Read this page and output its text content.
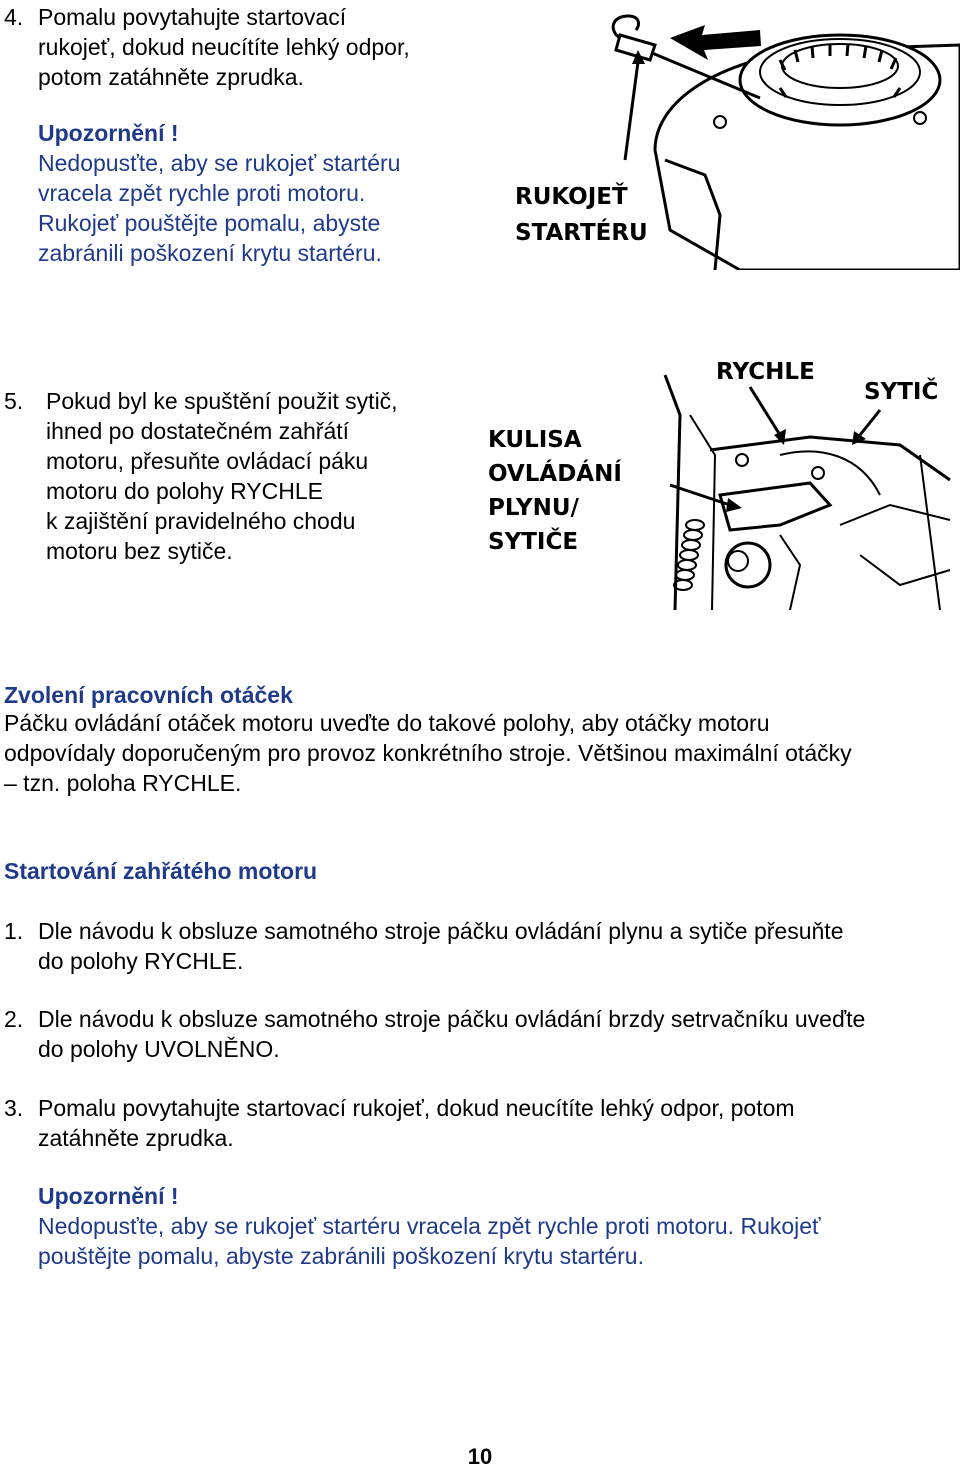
4. Pomalu povytahujte startovací
rukojeť, dokud neucítíte lehký odpor,
potom zatáhněte zprudka.
Upozornění !
Nedopusťte, aby se rukojeť startéru
vracela zpět rychle proti motoru.
Rukojeť pouštějte pomalu, abyste
zabránili poškození krytu startéru.
RUKOJEŤ
STARTÉRU
5. Pokud byl ke spuštění použit sytič,
ihned po dostatečném zahřátí
motoru, přesuňte ovládací páku
motoru do polohy RYCHLE
k zajištění pravidelného chodu
motoru bez sytiče.
RYCHLE
SYTIČ
KULISA
OVLÁDÁNÍ
PLYNU/
SYTIČE
Zvolení pracovních otáček
Páčku ovládání otáček motoru uveďte do takové polohy, aby otáčky motoru
odpovídaly doporučeným pro provoz konkrétního stroje. Většinou maximální otáčky
– tzn. poloha RYCHLE.
Startování zahřátého motoru
1. Dle návodu k obsluze samotného stroje páčku ovládání plynu a sytiče přesuňte
do polohy RYCHLE.
2. Dle návodu k obsluze samotného stroje páčku ovládání brzdy setrvačníku uveďte
do polohy UVOLNĚNO.
3. Pomalu povytahujte startovací rukojeť, dokud neucítíte lehký odpor, potom
zatáhněte zprudka.
Upozornění !
Nedopusťte, aby se rukojeť startéru vracela zpět rychle proti motoru. Rukojeť
pouštějte pomalu, abyste zabránili poškození krytu startéru.
10
